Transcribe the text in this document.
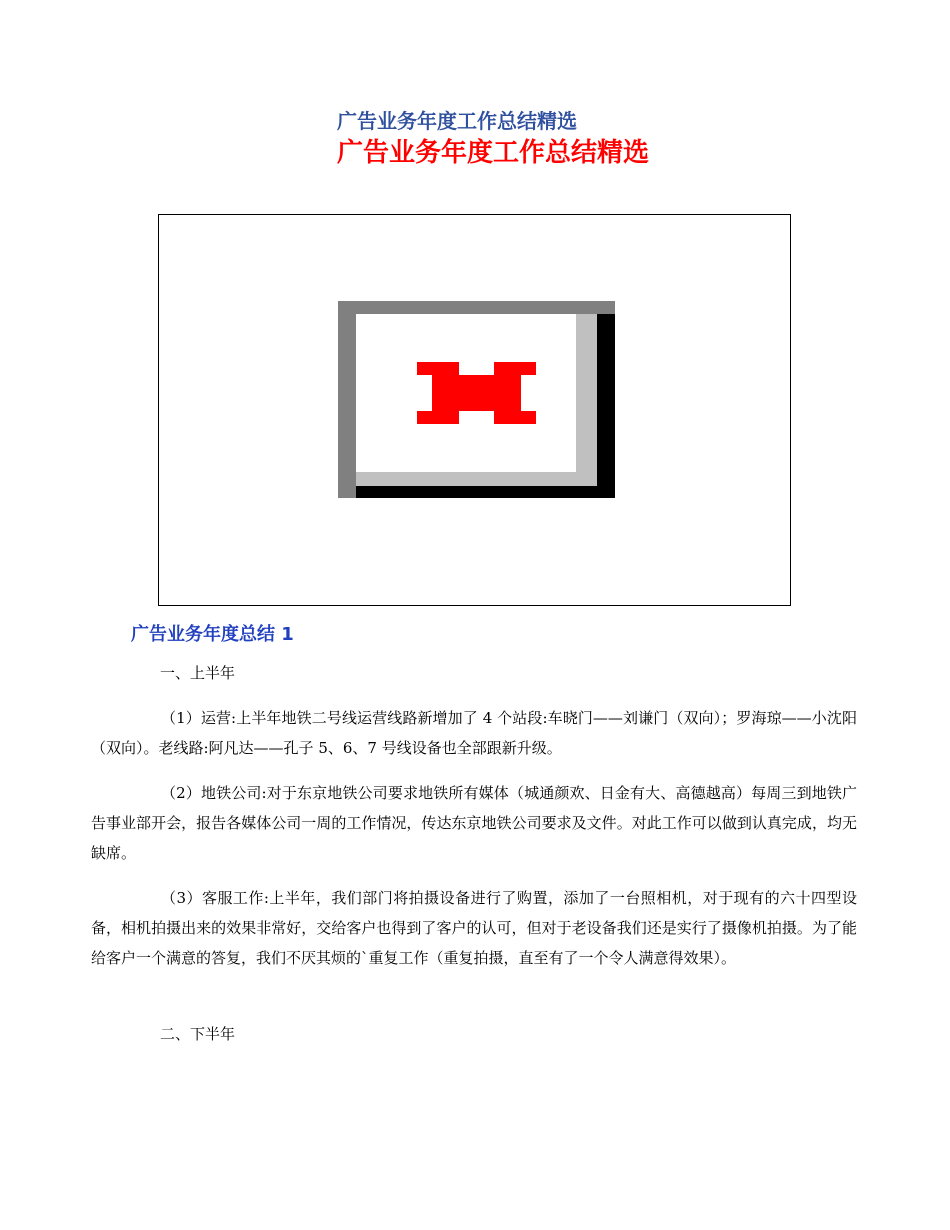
广告业务年度工作总结精选
广告业务年度工作总结精选
广告业务年度总结 1
一、上半年
（1）运营:上半年地铁二号线运营线路新增加了 4 个站段:车晓门——刘谦门（双向）；罗海琼——小沈阳（双向）。老线路:阿凡达——孔子 5、6、7 号线设备也全部跟新升级。
（2）地铁公司:对于东京地铁公司要求地铁所有媒体（城通颜欢、日金有大、高德越高）每周三到地铁广告事业部开会，报告各媒体公司一周的工作情况，传达东京地铁公司要求及文件。对此工作可以做到认真完成，均无缺席。
（3）客服工作:上半年，我们部门将拍摄设备进行了购置，添加了一台照相机，对于现有的六十四型设备，相机拍摄出来的效果非常好，交给客户也得到了客户的认可，但对于老设备我们还是实行了摄像机拍摄。为了能给客户一个满意的答复，我们不厌其烦的`重复工作（重复拍摄，直至有了一个令人满意得效果）。
二、下半年
